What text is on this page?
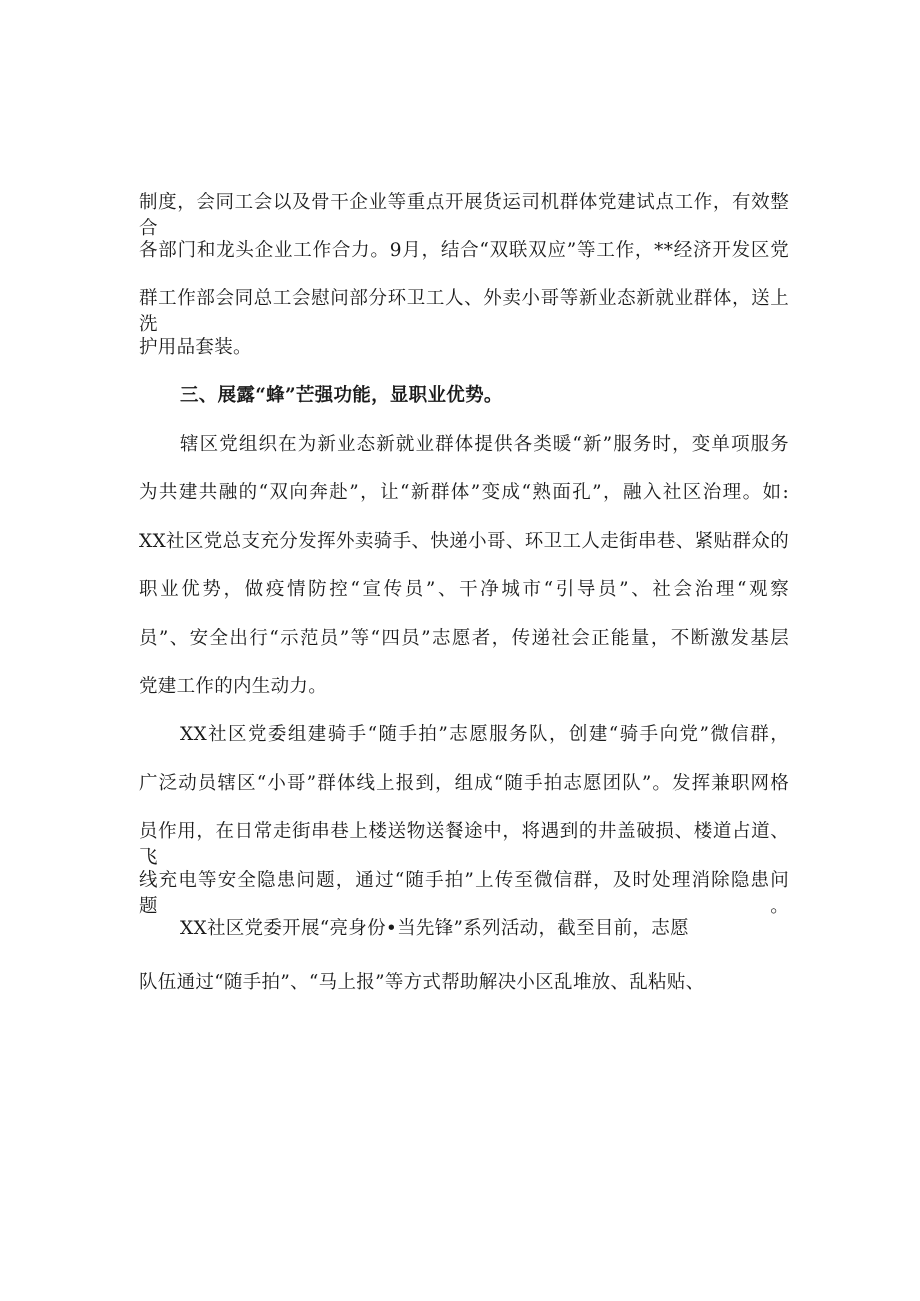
制度，会同工会以及骨干企业等重点开展货运司机群体党建试点工作，有效整合
各部门和龙头企业工作合力。9月，结合“双联双应”等工作，**经济开发区党
群工作部会同总工会慰问部分环卫工人、外卖小哥等新业态新就业群体，送上洗
护用品套装。
三、展露“蜂”芒强功能，显职业优势。
辖区党组织在为新业态新就业群体提供各类暖“新”服务时，变单项服务
为共建共融的“双向奔赴”，让“新群体”变成“熟面孔”，融入社区治理。如:
XX社区党总支充分发挥外卖骑手、快递小哥、环卫工人走街串巷、紧贴群众的
职业优势，做疫情防控“宣传员”、干净城市“引导员”、社会治理“观察
员”、安全出行“示范员”等“四员”志愿者，传递社会正能量，不断激发基层
党建工作的内生动力。
XX社区党委组建骑手“随手拍”志愿服务队，创建“骑手向党”微信群，
广泛动员辖区“小哥”群体线上报到，组成“随手拍志愿团队”。发挥兼职网格
员作用，在日常走街串巷上楼送物送餐途中，将遇到的井盖破损、楼道占道、飞
线充电等安全隐患问题，通过“随手拍”上传至微信群，及时处理消除隐患问题。
XX社区党委开展“亮身份•当先锋”系列活动，截至目前，志愿
队伍通过“随手拍”、“马上报”等方式帮助解决小区乱堆放、乱粘贴、
